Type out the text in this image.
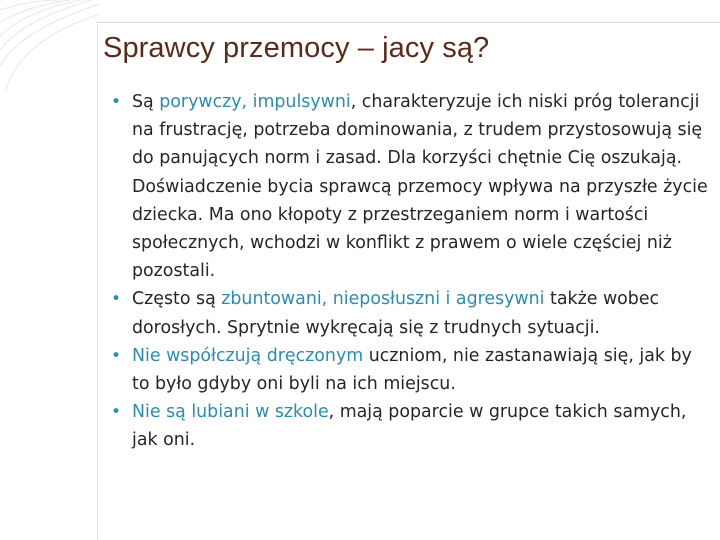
Sprawcy przemocy – jacy są?
• Są porywczy, impulsywni, charakteryzuje ich niski próg tolerancji na frustrację, potrzeba dominowania, z trudem przystosowują się do panujących norm i zasad. Dla korzyści chętnie Cię oszukają. Doświadczenie bycia sprawcą przemocy wpływa na przyszłe życie dziecka. Ma ono kłopoty z przestrzeganiem norm i wartości społecznych, wchodzi w konflikt z prawem o wiele częściej niż pozostali.
• Często są zbuntowani, nieposłuszni i agresywni także wobec dorosłych. Sprytnie wykręcają się z trudnych sytuacji.
• Nie współczują dręczonym uczniom, nie zastanawiają się, jak by to było gdyby oni byli na ich miejscu.
• Nie są lubiani w szkole, mają poparcie w grupce takich samych, jak oni.
